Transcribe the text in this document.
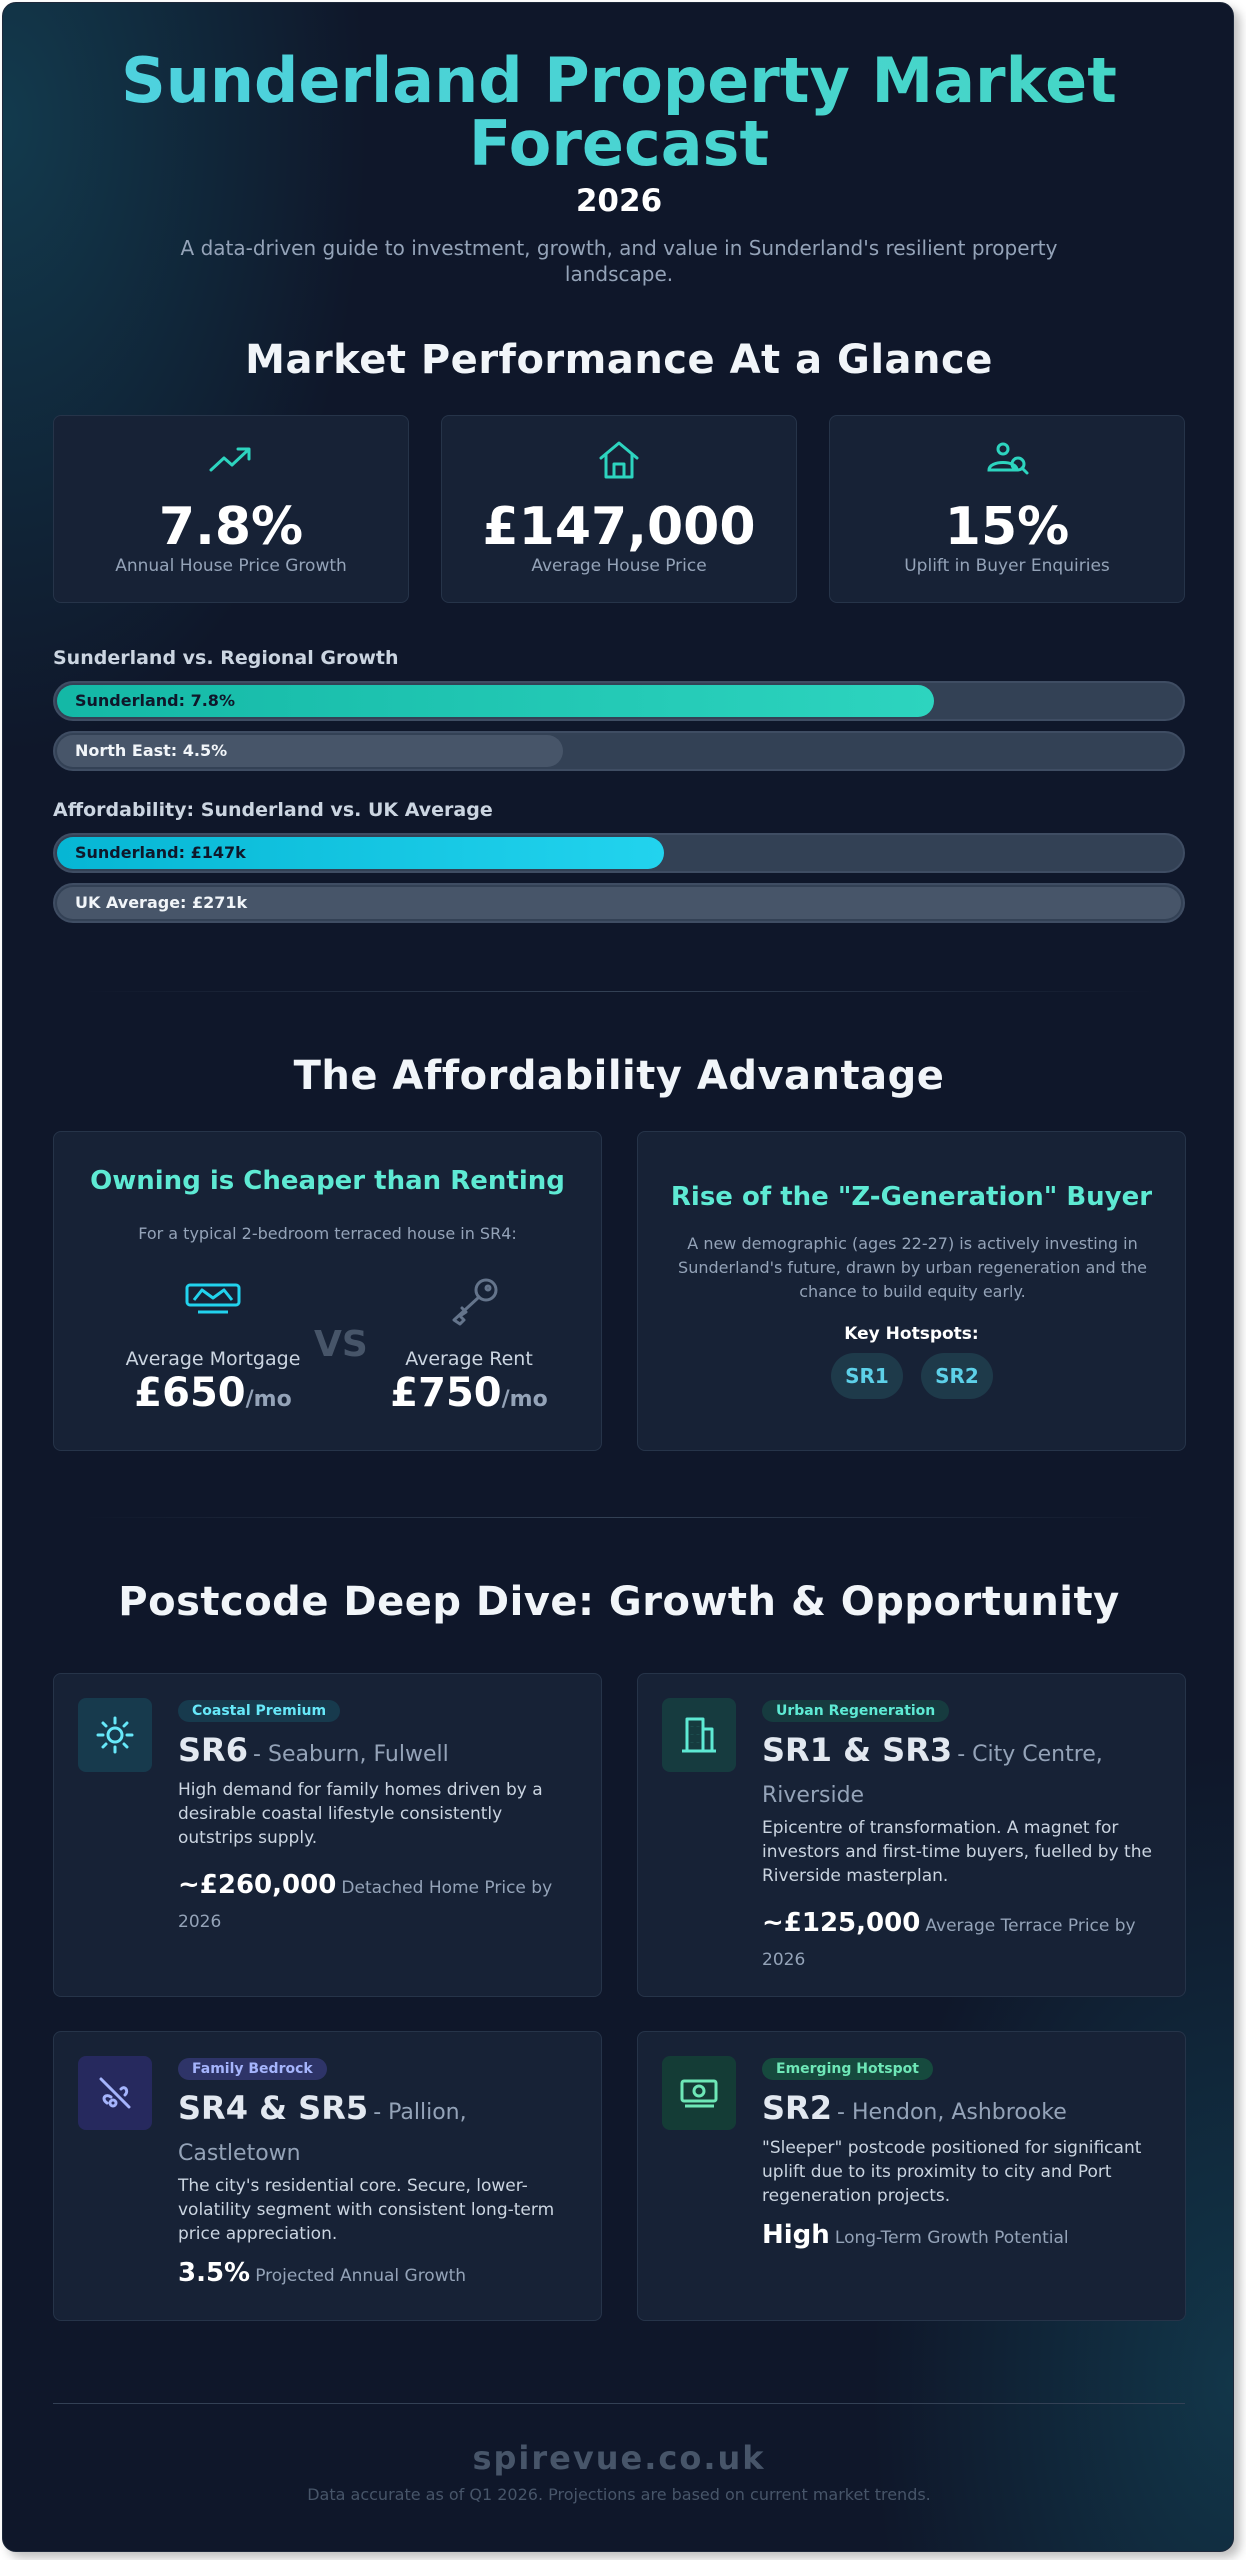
Sunderland Property Market Forecast
2026
A data-driven guide to investment, growth, and value in Sunderland's resilient property landscape.
Market Performance At a Glance
7.8%
Annual House Price Growth
£147,000
Average House Price
15%
Uplift in Buyer Enquiries
Sunderland vs. Regional Growth
Sunderland: 7.8%
North East: 4.5%
Affordability: Sunderland vs. UK Average
Sunderland: £147k
UK Average: £271k
The Affordability Advantage
Owning is Cheaper than Renting
For a typical 2-bedroom terraced house in SR4:
Average Mortgage
£650/mo
VS	Average Rent
£750/mo
Rise of the "Z-Generation" Buyer
A new demographic (ages 22-27) is actively investing in Sunderland's future, drawn by urban regeneration and the chance to build equity early.
Key Hotspots:
SR1	SR2
Postcode Deep Dive: Growth & Opportunity
Coastal Premium
SR6 - Seaburn, Fulwell
High demand for family homes driven by a desirable coastal lifestyle consistently outstrips supply.
~£260,000 Detached Home Price by 2026
Urban Regeneration
SR1 & SR3 - City Centre, Riverside
Epicentre of transformation. A magnet for investors and first-time buyers, fuelled by the Riverside masterplan.
~£125,000 Average Terrace Price by 2026
Family Bedrock
SR4 & SR5 - Pallion, Castletown
The city's residential core. Secure, lower-volatility segment with consistent long-term price appreciation.
3.5% Projected Annual Growth
Emerging Hotspot
SR2 - Hendon, Ashbrooke
"Sleeper" postcode positioned for significant uplift due to its proximity to city and Port regeneration projects.
High Long-Term Growth Potential
spirevue.co.uk
Data accurate as of Q1 2026. Projections are based on current market trends.
